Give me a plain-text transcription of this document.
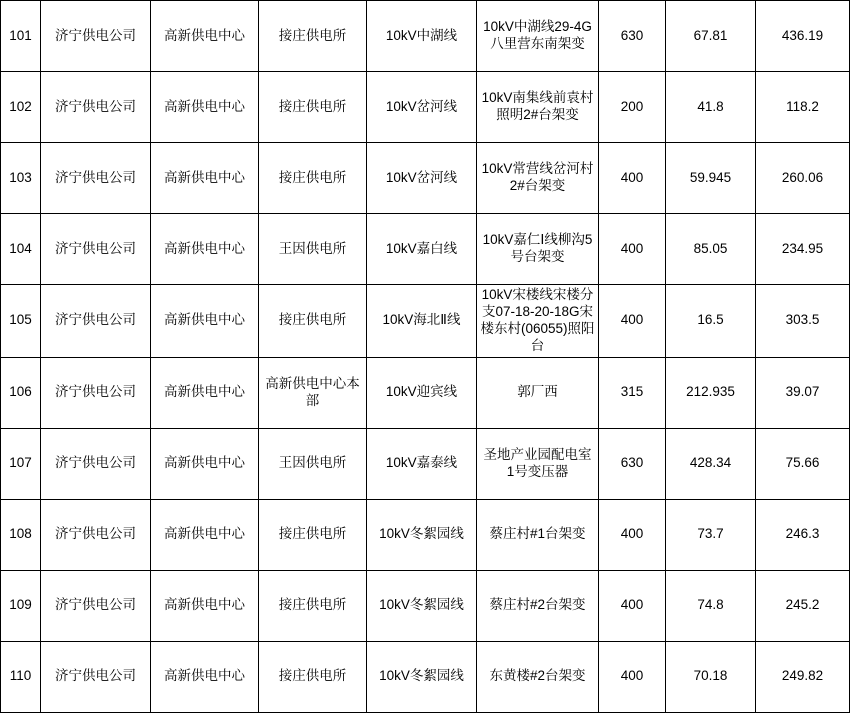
101	济宁供电公司	高新供电中心	接庄供电所	10kV中湖线	10kV中湖线29-4G八里营东南架变	630	67.81	436.19
102	济宁供电公司	高新供电中心	接庄供电所	10kV岔河线	10kV南集线前袁村照明2#台架变	200	41.8	118.2
103	济宁供电公司	高新供电中心	接庄供电所	10kV岔河线	10kV常营线岔河村2#台架变	400	59.945	260.06
104	济宁供电公司	高新供电中心	王因供电所	10kV嘉白线	10kV嘉仁Ⅰ线柳沟5号台架变	400	85.05	234.95
105	济宁供电公司	高新供电中心	接庄供电所	10kV海北Ⅱ线	10kV宋楼线宋楼分支07-18-20-18G宋楼东村(06055)照阳台	400	16.5	303.5
106	济宁供电公司	高新供电中心	高新供电中心本部	10kV迎宾线	郭厂西	315	212.935	39.07
107	济宁供电公司	高新供电中心	王因供电所	10kV嘉泰线	圣地产业园配电室1号变压器	630	428.34	75.66
108	济宁供电公司	高新供电中心	接庄供电所	10kV冬絮园线	蔡庄村#1台架变	400	73.7	246.3
109	济宁供电公司	高新供电中心	接庄供电所	10kV冬絮园线	蔡庄村#2台架变	400	74.8	245.2
110	济宁供电公司	高新供电中心	接庄供电所	10kV冬絮园线	东黄楼#2台架变	400	70.18	249.82
